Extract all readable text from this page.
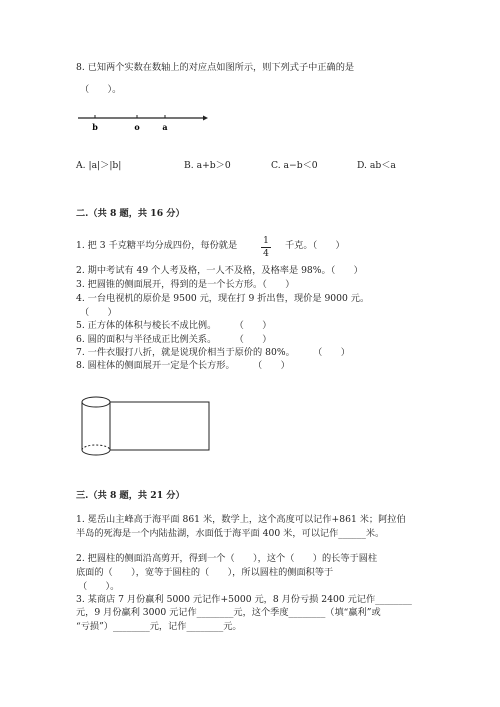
8. 已知两个实数在数轴上的对应点如图所示，则下列式子中正确的是
（　　）。
b	o	a
A. |a|＞|b|	B. a+b＞0	C. a−b＜0	D. ab＜a
二.（共 8 题，共 16 分）
1. 把 3 千克糖平均分成四份，每份就是	1
4
千克。（　　）
2. 期中考试有 49 个人考及格，一人不及格，及格率是 98%。（　　）
3. 把圆锥的侧面展开，得到的是一个长方形。（　　）
4. 一台电视机的原价是 9500 元，现在打 9 折出售，现价是 9000 元。
（　　）
5. 正方体的体积与棱长不成比例。　　　（　　）
6. 圆的面积与半径成正比例关系。　　　（　　）
7. 一件衣服打八折，就是说现价相当于原价的 80%。　　　（　　）
8. 圆柱体的侧面展开一定是个长方形。　　　（　　）
三.（共 8 题，共 21 分）
1. 冕岳山主峰高于海平面 861 米，数学上，这个高度可以记作+861 米；阿拉伯
半岛的死海是一个内陆盐湖，水面低于海平面 400 米，可以记作______米。
2. 把圆柱的侧面沿高剪开，得到一个（　　），这个（　　）的长等于圆柱
底面的（　　），宽等于圆柱的（　　），所以圆柱的侧面积等于
（　　）。
3. 某商店 7 月份赢利 5000 元记作+5000 元，8 月份亏损 2400 元记作________
元，9 月份赢利 3000 元记作________元，这个季度________（填“赢利”或
“亏损”）________元，记作________元。
